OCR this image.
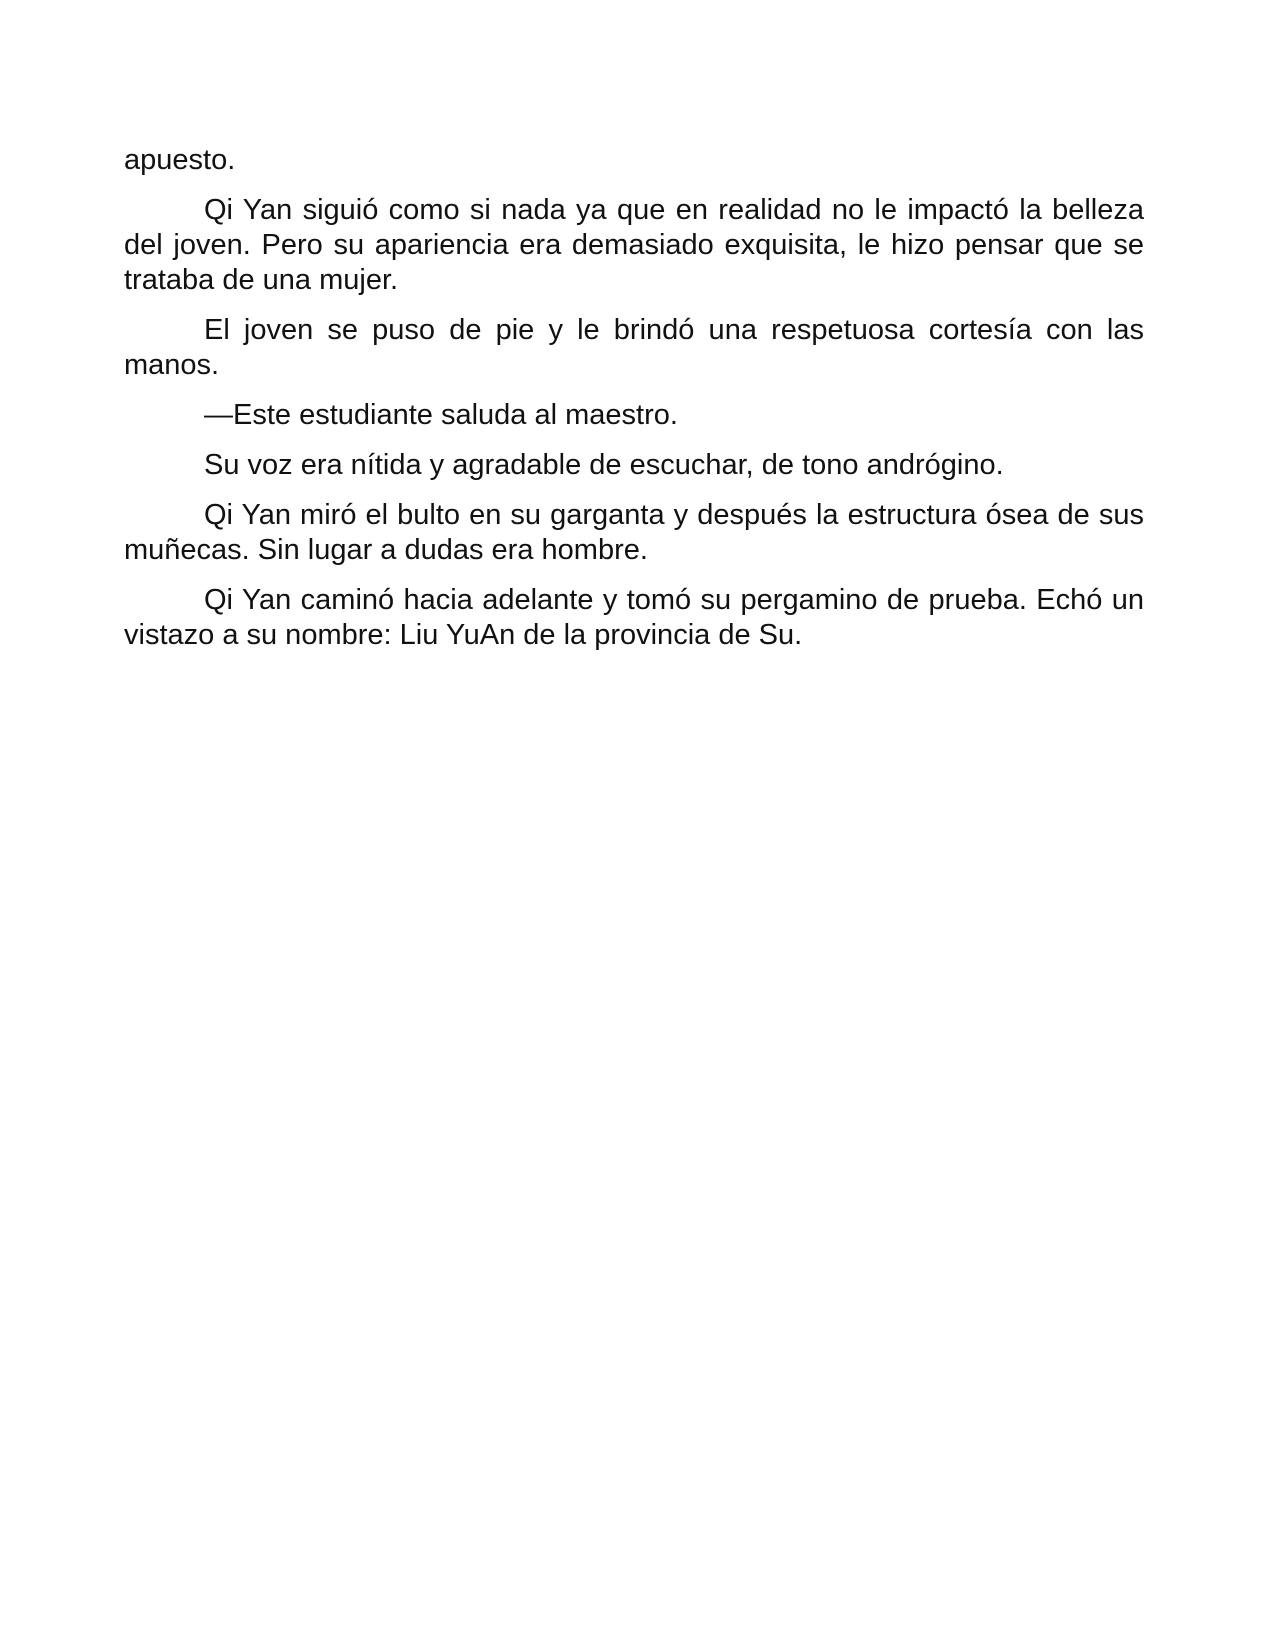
apuesto.

Qi Yan siguió como si nada ya que en realidad no le impactó la belleza del joven. Pero su apariencia era demasiado exquisita, le hizo pensar que se trataba de una mujer.

El joven se puso de pie y le brindó una respetuosa cortesía con las manos.

—Este estudiante saluda al maestro.

Su voz era nítida y agradable de escuchar, de tono andrógino.

Qi Yan miró el bulto en su garganta y después la estructura ósea de sus muñecas. Sin lugar a dudas era hombre.

Qi Yan caminó hacia adelante y tomó su pergamino de prueba. Echó un vistazo a su nombre: Liu YuAn de la provincia de Su.
